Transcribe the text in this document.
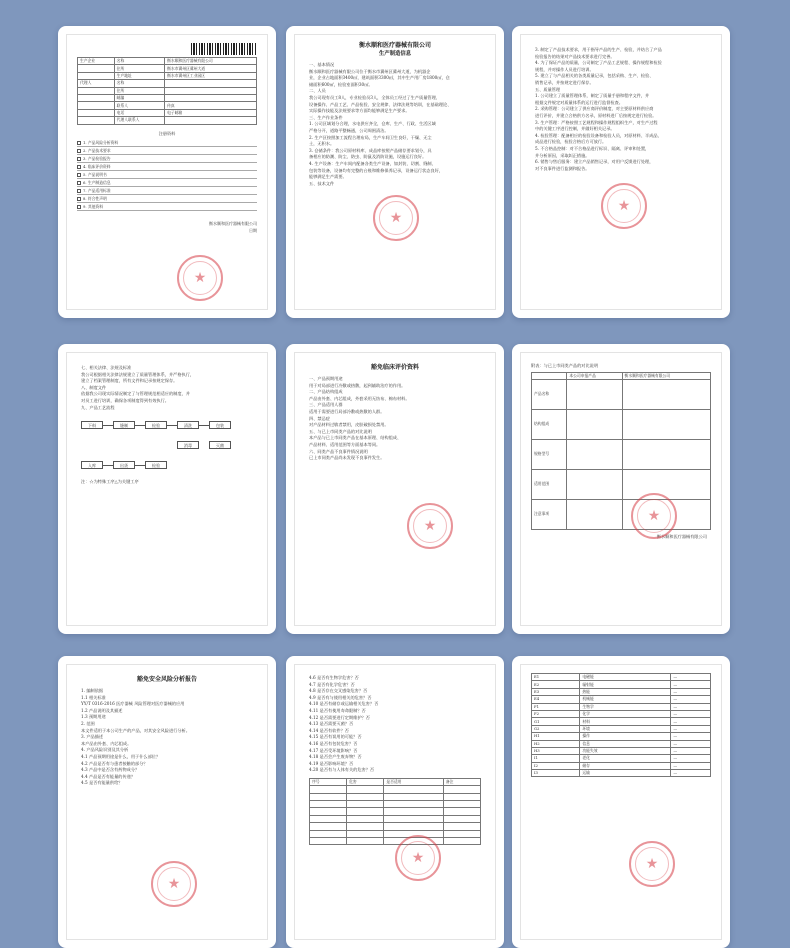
生产企业	名称	衡水顺和医疗器械有限公司
	住所	衡水市冀州区冀州大道
	生产地址	衡水市冀州区工业园区
代理人	名称	
	住所	
	邮编	
	联系人	传真
	电话	电子邮箱
	代理人联系人	
注册资料
1. 产品风险分析资料
2. 产品技术要求
3. 产品检验报告
4. 临床评价资料
5. 产品说明书
6. 生产制造信息
7. 产品适用标准
8. 符合性声明
9. 其他资料
衡水顺和医疗器械有限公司
日期
★
衡水顺和医疗器械有限公司
生产制造信息
一、基本情况
衡水顺和医疗器械有限公司位于衡水市冀州区冀州大道，为机器企
业，企业占地面积3400㎡，建筑面积3300㎡，其中生产用厂房1800㎡，仓
储面积600㎡，检验室面积30㎡。
二、人员
我公司现有员工8人，专业检验员3人，全体员工经过了生产质量管理、
设备操作、产品工艺、产品检验、安全规律、法律法规等培训，在基础理论、
实际操作技能及法规要求等方面均能够满足生产要求。
三、生产作业条件
1. 公司区域划分合理，水电供应齐全，仓库、生产、行政、生活区域
严格分开，道路平整畅通，公司周围清洁。
2. 生产区按照加工流程合理布局，生产车间卫生良好，干燥、无尘
土，无积水。
3. 仓储条件：我公司原材料库、成品库按照产品储存要求划分，具
备相应的防潮、防尘、防虫、防鼠及消防设施，设施运行良好。
4. 生产设备：生产车间内配备各类生产设备，如封装、切割、缝制、
包装等设备，设备均有完整的台账和维修保养记录，设备运行状态良好，
能够满足生产需要。
五、技术文件
★
3. 制定了产品技术要求，用于指导产品的生产、检验，并结合了产品
检验报告的结果对产品技术要求进行完善。
4. 为了保证产品的质量，公司制定了产品工艺规程、操作规程和检验
规程，并对操作人员进行培训。
5. 建立了与产品相关的各类质量记录，包括采购、生产、检验、
销售记录，并按规定进行保存。
五、质量管理
1. 公司建立了质量管理体系，制定了质量手册和程序文件，并
根据文件规定对质量体系的运行进行监督检查。
2. 采购管理：公司建立了供应商评价制度，对主要原材料供应商
进行评价，并建立合格供方名录，原材料进厂后按规定进行检验。
3. 生产管理：严格按照工艺规程和操作规程组织生产，对生产过程
中的关键工序进行控制，并做好相关记录。
4. 检验管理：配备相应的检验设备和检验人员，对原材料、半成品、
成品进行检验，检验合格后方可放行。
5. 不合格品控制：对不合格品进行标识、隔离、评审和处置，
并分析原因，采取纠正措施。
6. 销售与售后服务：建立产品销售记录，对用户反馈进行处理，
对不良事件进行监测和报告。
★
七、相关法律、法规及标准
我公司根据相关法律法规建立了质量管理体系，并严格执行，
建立了档案管理制度，所有文件和记录按规定保存。
八、制度文件
依据我公司现实际情况制定了与管理规范相适应的制度，并
对员工进行培训，确保各项制度得到有效执行。
九、产品工艺流程
下料	缝制	检验	清洗	包装
灭菌
消毒
入库	出货	检验
注：☆为特殊工序△为关键工序
豁免临床评价资料
一、产品预期用途
用于对局部进行冷敷或热敷，起到辅助治疗的作用。
二、产品结构组成
产品由外套、内芯组成，外套采用无纺布、棉布材料。
三、产品适用人群
适用于需要进行局部冷敷或热敷的人群。
四、禁忌症
对产品材料过敏者禁用，皮肤破损处禁用。
五、与已上市同类产品的对比说明
本产品与已上市同类产品在基本原理、结构组成、
产品材料、适用范围等方面基本等同。
六、同类产品不良事件情况说明
已上市同类产品尚未发现不良事件发生。
★
附表：与已上市同类产品的对比说明
	本公司申报产品	衡水顺和医疗器械有限公司
产品名称		
结构组成		
规格型号		
适用范围		
注意事项		
衡水顺和医疗器械有限公司
★
豁免安全风险分析报告
1. 编制依据
1.1 相关标准
YY/T 0316-2016 医疗器械 风险管理对医疗器械的应用
1.2 产品说明及其描述
1.3 预期用途
2. 范围
本文件适用于本公司生产的产品，对其安全风险进行分析。
3. 产品描述
本产品由外套、内芯组成。
4. 产品风险识别及其分析
4.1 产品预期用途是什么，用于什么部位？
4.2 产品是否有与患者接触的部分？
4.3 产品中是否含有药物成分？
4.4 产品是否有能量的传递？
4.5 是否有能量供给？
★
4.6 是否有生物学危害？否
4.7 是否有化学危害？否
4.8 是否存在交叉感染危害？否
4.9 是否有与使用相关的危害？否
4.10 是否有储存或运输相关危害？否
4.11 是否有使用寿命限制？否
4.12 是否需要进行定期维护？否
4.13 是否需要灭菌？否
4.14 是否有软件？否
4.15 是否有误用的可能？否
4.16 是否有包装危害？否
4.17 是否受环境影响？否
4.18 是否会产生废弃物？否
4.19 是否影响环境？否
4.20 是否有与人体有关的危害？否
序号	危害	是否适用	备注

★
E1	电磁能	—
E2	辐射能	—
E3	热能	—
E4	机械能	—
F1	生物学	—
F2	化学	—
G1	材料	—
G2	环境	—
H1	操作	—
H2	信息	—
H3	功能失效	—
I1	老化	—
I2	储存	—
I3	运输	—
★
